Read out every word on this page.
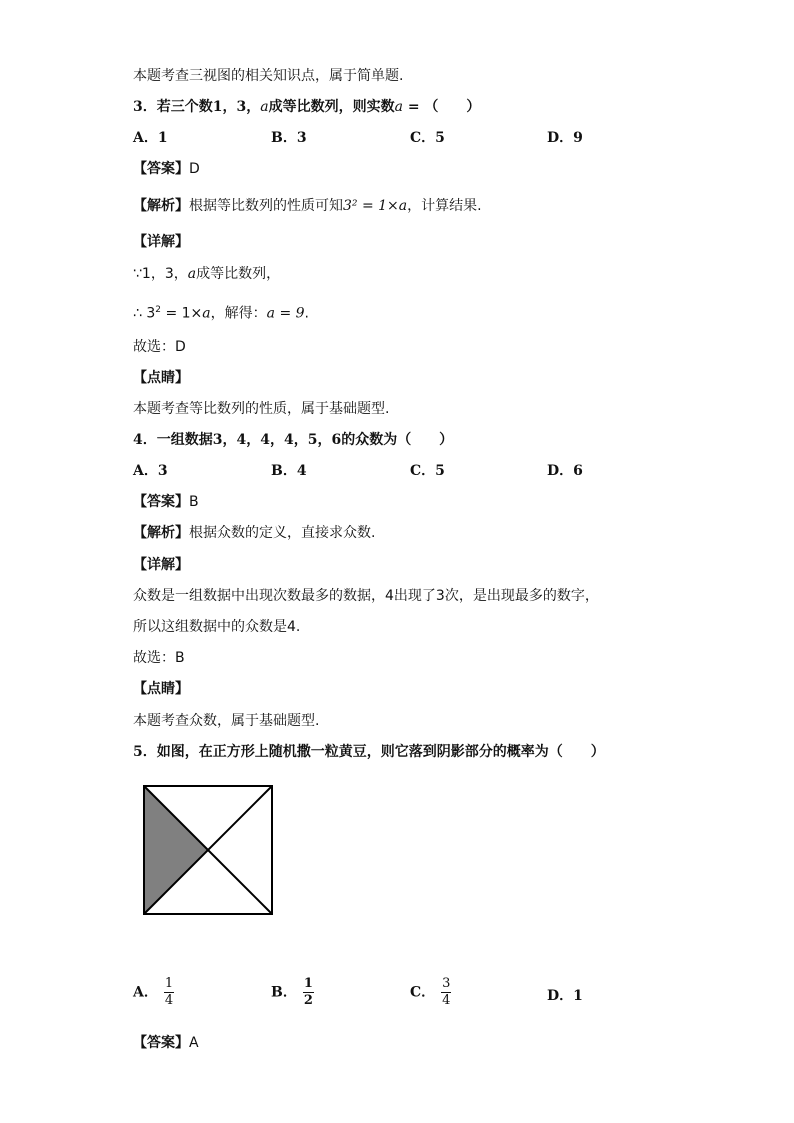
本题考查三视图的相关知识点，属于简单题.
3．若三个数1，3，a成等比数列，则实数a = （　　）
A．1	B．3	C．5	D．9
【答案】D
【解析】根据等比数列的性质可知3² = 1×a，计算结果.
【详解】
∵1，3，a成等比数列，
∴ $3^2 = 1\times a$，解得：a = 9.
故选：D
【点睛】
本题考查等比数列的性质，属于基础题型.
4．一组数据3，4，4，4，5，6的众数为（　　）
A．3	B．4	C．5	D．6
【答案】B
【解析】根据众数的定义，直接求众数.
【详解】
众数是一组数据中出现次数最多的数据，4出现了3次，是出现最多的数字，
所以这组数据中的众数是4.
故选：B
【点睛】
本题考查众数，属于基础题型.
5．如图，在正方形上随机撒一粒黄豆，则它落到阴影部分的概率为（　　）
A． $\frac{1}{4}$	B． $\frac{1}{2}$	C． $\frac{3}{4}$	D．1
【答案】A
